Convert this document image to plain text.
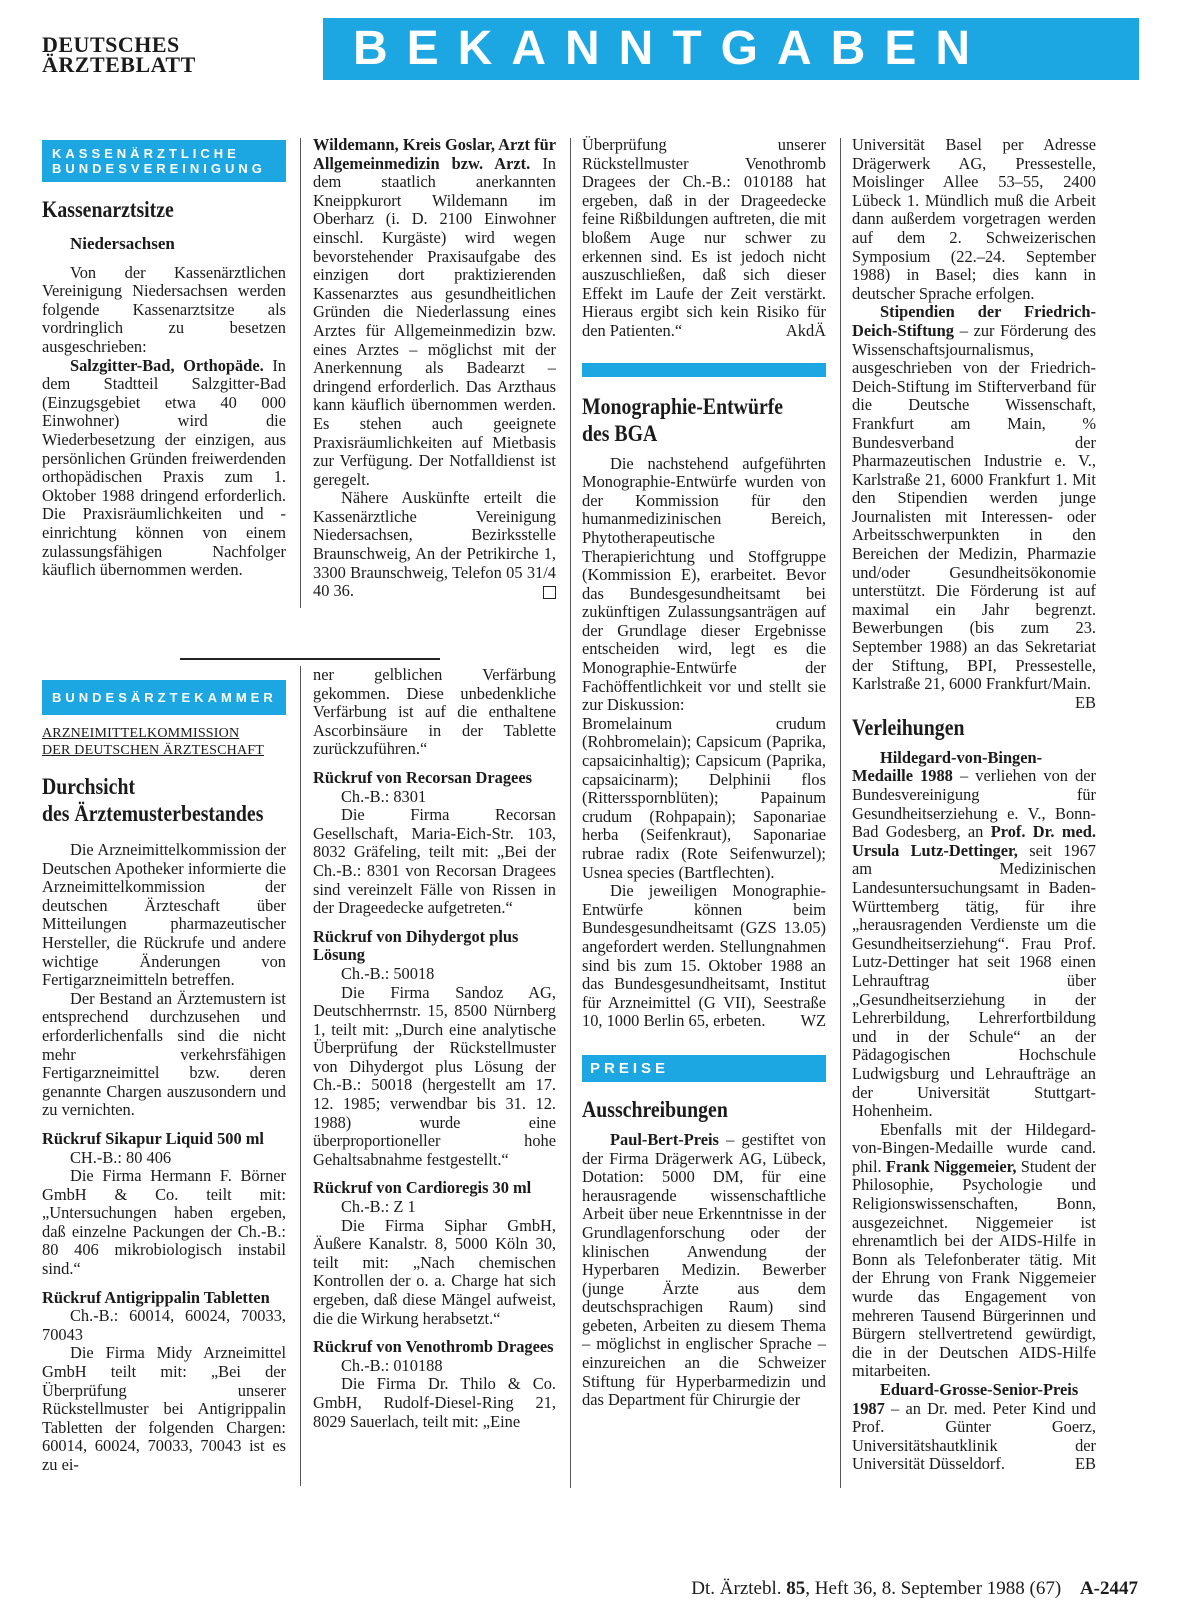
DEUTSCHES
ÄRZTEBLATT	BEKANNTGABEN
KASSENÄRZTLICHE
BUNDESVEREINIGUNG
Kassenarztsitze
Niedersachsen

Von der Kassenärztlichen Vereinigung Niedersachsen werden folgende Kassenarztsitze als vordringlich zu besetzen ausgeschrieben:

Salzgitter-Bad, Orthopäde. In dem Stadtteil Salzgitter-Bad (Einzugsgebiet etwa 40 000 Einwohner) wird die Wiederbesetzung der einzigen, aus persönlichen Gründen freiwerdenden orthopädischen Praxis zum 1. Oktober 1988 dringend erforderlich. Die Praxisräumlichkeiten und -einrichtung können von einem zulassungsfähigen Nachfolger käuflich übernommen werden.

Wildemann, Kreis Goslar, Arzt für Allgemeinmedizin bzw. Arzt. In dem staatlich anerkannten Kneippkurort Wildemann im Oberharz (i. D. 2100 Einwohner einschl. Kurgäste) wird wegen bevorstehender Praxisaufgabe des einzigen dort praktizierenden Kassenarztes aus gesundheitlichen Gründen die Niederlassung eines Arztes für Allgemeinmedizin bzw. eines Arztes – möglichst mit der Anerkennung als Badearzt – dringend erforderlich. Das Arzthaus kann käuflich übernommen werden. Es stehen auch geeignete Praxisräumlichkeiten auf Mietbasis zur Verfügung. Der Notfalldienst ist geregelt.

Nähere Auskünfte erteilt die Kassenärztliche Vereinigung Niedersachsen, Bezirksstelle Braunschweig, An der Petrikirche 1, 3300 Braunschweig, Telefon 05 31/4 40 36.

BUNDESÄRZTEKAMMER
ARZNEIMITTELKOMMISSION
DER DEUTSCHEN ÄRZTESCHAFT
Durchsicht
des Ärztemusterbestandes

Die Arzneimittelkommission der Deutschen Apotheker informierte die Arzneimittelkommission der deutschen Ärzteschaft über Mitteilungen pharmazeutischer Hersteller, die Rückrufe und andere wichtige Änderungen von Fertigarzneimitteln betreffen.

Der Bestand an Ärztemustern ist entsprechend durchzusehen und erforderlichenfalls sind die nicht mehr verkehrsfähigen Fertigarzneimittel bzw. deren genannte Chargen auszusondern und zu vernichten.

Rückruf Sikapur Liquid 500 ml

CH.-B.: 80 406

Die Firma Hermann F. Börner GmbH & Co. teilt mit: „Untersuchungen haben ergeben, daß einzelne Packungen der Ch.-B.: 80 406 mikrobiologisch instabil sind.“

Rückruf Antigrippalin Tabletten

Ch.-B.: 60014, 60024, 70033, 70043

Die Firma Midy Arzneimittel GmbH teilt mit: „Bei der Überprüfung unserer Rückstellmuster bei Antigrippalin Tabletten der folgenden Chargen: 60014, 60024, 70033, 70043 ist es zu ei-

ner gelblichen Verfärbung gekommen. Diese unbedenkliche Verfärbung ist auf die enthaltene Ascorbinsäure in der Tablette zurückzuführen.“

Rückruf von Recorsan Dragees

Ch.-B.: 8301

Die Firma Recorsan Gesellschaft, Maria-Eich-Str. 103, 8032 Gräfeling, teilt mit: „Bei der Ch.-B.: 8301 von Recorsan Dragees sind vereinzelt Fälle von Rissen in der Drageedecke aufgetreten.“

Rückruf von Dihydergot plus Lösung

Ch.-B.: 50018

Die Firma Sandoz AG, Deutschherrnstr. 15, 8500 Nürnberg 1, teilt mit: „Durch eine analytische Überprüfung der Rückstellmuster von Dihydergot plus Lösung der Ch.-B.: 50018 (hergestellt am 17. 12. 1985; verwendbar bis 31. 12. 1988) wurde eine überproportioneller hohe Gehaltsabnahme festgestellt.“

Rückruf von Cardioregis 30 ml

Ch.-B.: Z 1

Die Firma Siphar GmbH, Äußere Kanalstr. 8, 5000 Köln 30, teilt mit: „Nach chemischen Kontrollen der o. a. Charge hat sich ergeben, daß diese Mängel aufweist, die die Wirkung herabsetzt.“

Rückruf von Venothromb Dragees

Ch.-B.: 010188

Die Firma Dr. Thilo & Co. GmbH, Rudolf-Diesel-Ring 21, 8029 Sauerlach, teilt mit: „Eine

Überprüfung unserer Rückstellmuster Venothromb Dragees der Ch.-B.: 010188 hat ergeben, daß in der Drageedecke feine Rißbildungen auftreten, die mit bloßem Auge nur schwer zu erkennen sind. Es ist jedoch nicht auszuschließen, daß sich dieser Effekt im Laufe der Zeit verstärkt. Hieraus ergibt sich kein Risiko für den Patienten.“	AkdÄ

Monographie-Entwürfe
des BGA

Die nachstehend aufgeführten Monographie-Entwürfe wurden von der Kommission für den humanmedizinischen Bereich, Phytotherapeutische Therapierichtung und Stoffgruppe (Kommission E), erarbeitet. Bevor das Bundesgesundheitsamt bei zukünftigen Zulassungsanträgen auf der Grundlage dieser Ergebnisse entscheiden wird, legt es die Monographie-Entwürfe der Fachöffentlichkeit vor und stellt sie zur Diskussion:

Bromelainum crudum (Rohbromelain); Capsicum (Paprika, capsaicinhaltig); Capsicum (Paprika, capsaicinarm); Delphinii flos (Rittersspornblüten); Papainum crudum (Rohpapain); Saponariae herba (Seifenkraut), Saponariae rubrae radix (Rote Seifenwurzel); Usnea species (Bartflechten).

Die jeweiligen Monographie-Entwürfe können beim Bundesgesundheitsamt (GZS 13.05) angefordert werden. Stellungnahmen sind bis zum 15. Oktober 1988 an das Bundesgesundheitsamt, Institut für Arzneimittel (G VII), Seestraße 10, 1000 Berlin 65, erbeten.	WZ

PREISE
Ausschreibungen

Paul-Bert-Preis – gestiftet von der Firma Drägerwerk AG, Lübeck, Dotation: 5000 DM, für eine herausragende wissenschaftliche Arbeit über neue Erkenntnisse in der Grundlagenforschung oder der klinischen Anwendung der Hyperbaren Medizin. Bewerber (junge Ärzte aus dem deutschsprachigen Raum) sind gebeten, Arbeiten zu diesem Thema – möglichst in englischer Sprache – einzureichen an die Schweizer Stiftung für Hyperbarmedizin und das Department für Chirurgie der

Universität Basel per Adresse Drägerwerk AG, Pressestelle, Moislinger Allee 53–55, 2400 Lübeck 1. Mündlich muß die Arbeit dann außerdem vorgetragen werden auf dem 2. Schweizerischen Symposium (22.–24. September 1988) in Basel; dies kann in deutscher Sprache erfolgen.

Stipendien der Friedrich-Deich-Stiftung – zur Förderung des Wissenschaftsjournalismus, ausgeschrieben von der Friedrich-Deich-Stiftung im Stifterverband für die Deutsche Wissenschaft, Frankfurt am Main, % Bundesverband der Pharmazeutischen Industrie e. V., Karlstraße 21, 6000 Frankfurt 1. Mit den Stipendien werden junge Journalisten mit Interessen- oder Arbeitsschwerpunkten in den Bereichen der Medizin, Pharmazie und/oder Gesundheitsökonomie unterstützt. Die Förderung ist auf maximal ein Jahr begrenzt. Bewerbungen (bis zum 23. September 1988) an das Sekretariat der Stiftung, BPI, Pressestelle, Karlstraße 21, 6000 Frankfurt/Main.
EB

Verleihungen

Hildegard-von-Bingen-Medaille 1988 – verliehen von der Bundesvereinigung für Gesundheitserziehung e. V., Bonn-Bad Godesberg, an Prof. Dr. med. Ursula Lutz-Dettinger, seit 1967 am Medizinischen Landesuntersuchungsamt in Baden-Württemberg tätig, für ihre „herausragenden Verdienste um die Gesundheitserziehung“. Frau Prof. Lutz-Dettinger hat seit 1968 einen Lehrauftrag über „Gesundheitserziehung in der Lehrerbildung, Lehrerfortbildung und in der Schule“ an der Pädagogischen Hochschule Ludwigsburg und Lehraufträge an der Universität Stuttgart-Hohenheim.

Ebenfalls mit der Hildegard-von-Bingen-Medaille wurde cand. phil. Frank Niggemeier, Student der Philosophie, Psychologie und Religionswissenschaften, Bonn, ausgezeichnet. Niggemeier ist ehrenamtlich bei der AIDS-Hilfe in Bonn als Telefonberater tätig. Mit der Ehrung von Frank Niggemeier wurde das Engagement von mehreren Tausend Bürgerinnen und Bürgern stellvertretend gewürdigt, die in der Deutschen AIDS-Hilfe mitarbeiten.

Eduard-Grosse-Senior-Preis 1987 – an Dr. med. Peter Kind und Prof. Günter Goerz, Universitätshautklinik der Universität Düsseldorf.	EB

Dt. Ärztebl. 85, Heft 36, 8. September 1988 (67) A-2447
